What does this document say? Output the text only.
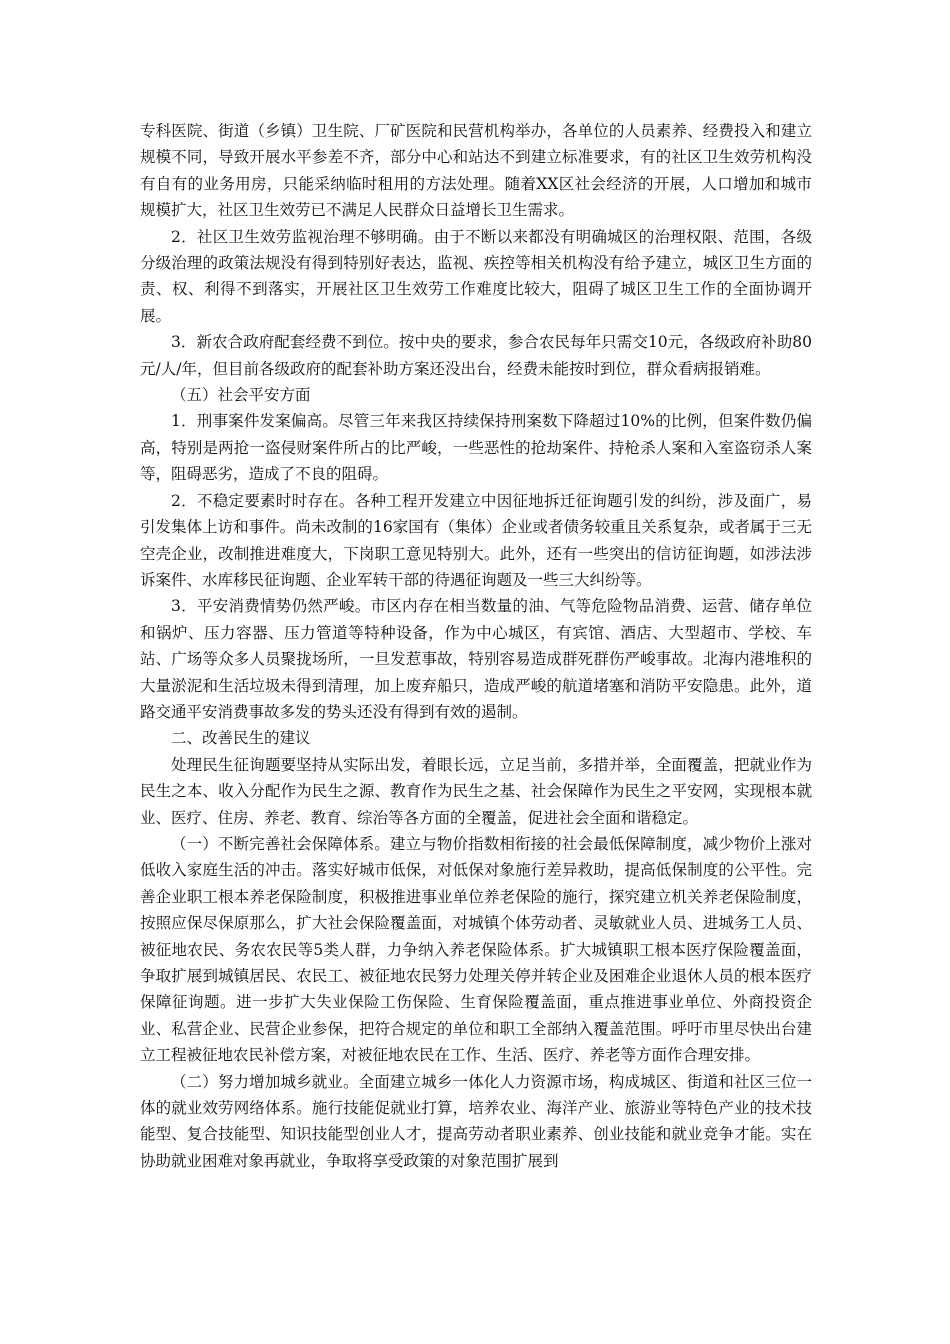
专科医院、街道（乡镇）卫生院、厂矿医院和民营机构举办，各单位的人员素养、经费投入和建立规模不同，导致开展水平参差不齐，部分中心和站达不到建立标准要求，有的社区卫生效劳机构没有自有的业务用房，只能采纳临时租用的方法处理。随着XX区社会经济的开展，人口增加和城市规模扩大，社区卫生效劳已不满足人民群众日益增长卫生需求。

2．社区卫生效劳监视治理不够明确。由于不断以来都没有明确城区的治理权限、范围，各级分级治理的政策法规没有得到特别好表达，监视、疾控等相关机构没有给予建立，城区卫生方面的责、权、利得不到落实，开展社区卫生效劳工作难度比较大，阻碍了城区卫生工作的全面协调开展。

3．新农合政府配套经费不到位。按中央的要求，参合农民每年只需交10元，各级政府补助80元/人/年，但目前各级政府的配套补助方案还没出台，经费未能按时到位，群众看病报销难。

（五）社会平安方面

1．刑事案件发案偏高。尽管三年来我区持续保持刑案数下降超过10%的比例，但案件数仍偏高，特别是两抢一盗侵财案件所占的比严峻，一些恶性的抢劫案件、持枪杀人案和入室盗窃杀人案等，阻碍恶劣，造成了不良的阻碍。

2．不稳定要素时时存在。各种工程开发建立中因征地拆迁征询题引发的纠纷，涉及面广，易引发集体上访和事件。尚未改制的16家国有（集体）企业或者债务较重且关系复杂，或者属于三无空壳企业，改制推进难度大，下岗职工意见特别大。此外，还有一些突出的信访征询题，如涉法涉诉案件、水库移民征询题、企业军转干部的待遇征询题及一些三大纠纷等。

3．平安消费情势仍然严峻。市区内存在相当数量的油、气等危险物品消费、运营、储存单位和锅炉、压力容器、压力管道等特种设备，作为中心城区，有宾馆、酒店、大型超市、学校、车站、广场等众多人员聚拢场所，一旦发惹事故，特别容易造成群死群伤严峻事故。北海内港堆积的大量淤泥和生活垃圾未得到清理，加上废弃船只，造成严峻的航道堵塞和消防平安隐患。此外，道路交通平安消费事故多发的势头还没有得到有效的遏制。

二、改善民生的建议

处理民生征询题要坚持从实际出发，着眼长远，立足当前，多措并举，全面覆盖，把就业作为民生之本、收入分配作为民生之源、教育作为民生之基、社会保障作为民生之平安网，实现根本就业、医疗、住房、养老、教育、综治等各方面的全覆盖，促进社会全面和谐稳定。

（一）不断完善社会保障体系。建立与物价指数相衔接的社会最低保障制度，减少物价上涨对低收入家庭生活的冲击。落实好城市低保，对低保对象施行差异救助，提高低保制度的公平性。完善企业职工根本养老保险制度，积极推进事业单位养老保险的施行，探究建立机关养老保险制度，按照应保尽保原那么，扩大社会保险覆盖面，对城镇个体劳动者、灵敏就业人员、进城务工人员、被征地农民、务农农民等5类人群，力争纳入养老保险体系。扩大城镇职工根本医疗保险覆盖面，争取扩展到城镇居民、农民工、被征地农民努力处理关停并转企业及困难企业退休人员的根本医疗保障征询题。进一步扩大失业保险工伤保险、生育保险覆盖面，重点推进事业单位、外商投资企业、私营企业、民营企业参保，把符合规定的单位和职工全部纳入覆盖范围。呼吁市里尽快出台建立工程被征地农民补偿方案，对被征地农民在工作、生活、医疗、养老等方面作合理安排。

（二）努力增加城乡就业。全面建立城乡一体化人力资源市场，构成城区、街道和社区三位一体的就业效劳网络体系。施行技能促就业打算，培养农业、海洋产业、旅游业等特色产业的技术技能型、复合技能型、知识技能型创业人才，提高劳动者职业素养、创业技能和就业竞争才能。实在协助就业困难对象再就业，争取将享受政策的对象范围扩展到
